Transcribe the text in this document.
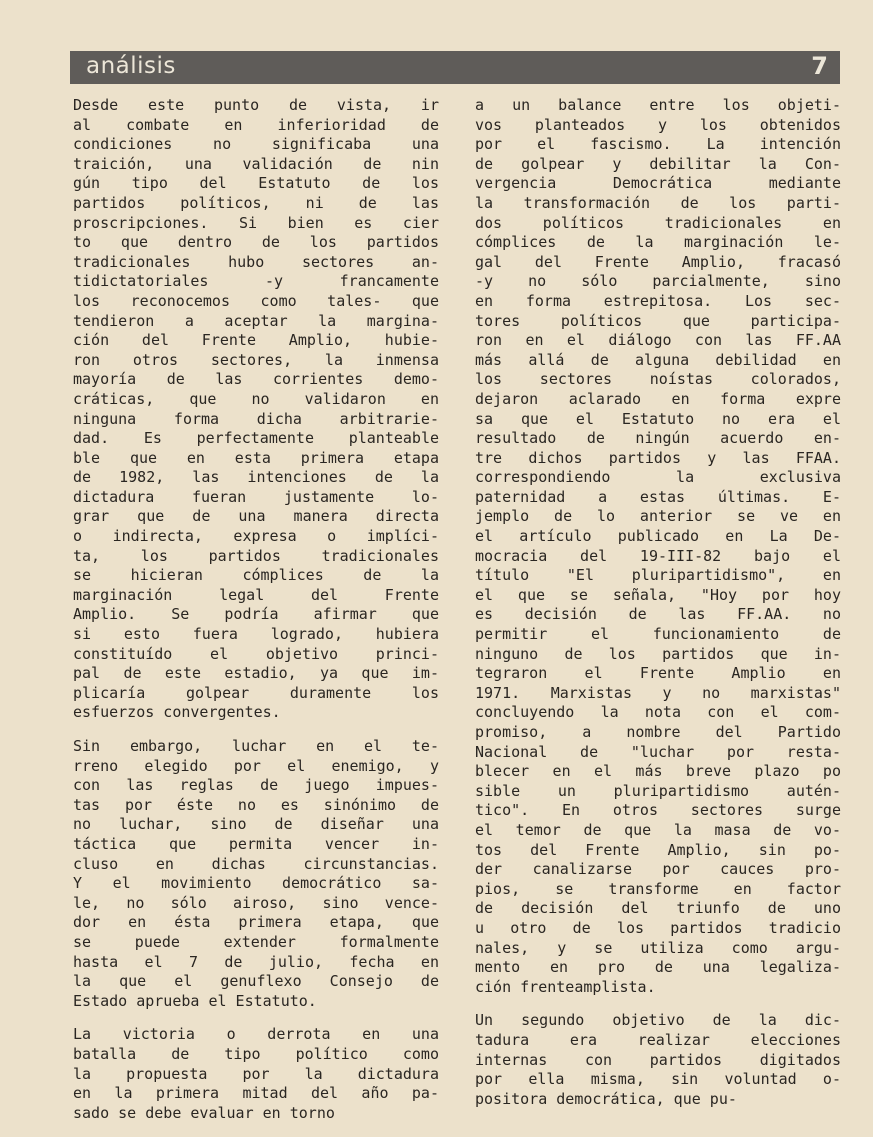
análisis	7
Desde este punto de vista, ir
al combate en inferioridad de
condiciones no significaba una
traición, una validación de nin
gún tipo del Estatuto de los
partidos políticos, ni de las
proscripciones. Si bien es cier
to que dentro de los partidos
tradicionales hubo sectores an-
tidictatoriales -y francamente
los reconocemos como tales- que
tendieron a aceptar la margina-
ción del Frente Amplio, hubie-
ron otros sectores, la inmensa
mayoría de las corrientes demo-
cráticas, que no validaron en
ninguna forma dicha arbitrarie-
dad. Es perfectamente planteable
ble que en esta primera etapa
de 1982, las intenciones de la
dictadura fueran justamente lo-
grar que de una manera directa
o indirecta, expresa o implíci-
ta, los partidos tradicionales
se hicieran cómplices de la
marginación legal del Frente
Amplio. Se podría afirmar que
si esto fuera logrado, hubiera
constituído el objetivo princi-
pal de este estadio, ya que im-
plicaría golpear duramente los
esfuerzos convergentes.
Sin embargo, luchar en el te-
rreno elegido por el enemigo, y
con las reglas de juego impues-
tas por éste no es sinónimo de
no luchar, sino de diseñar una
táctica que permita vencer in-
cluso en dichas circunstancias.
Y el movimiento democrático sa-
le, no sólo airoso, sino vence-
dor en ésta primera etapa, que
se puede extender formalmente
hasta el 7 de julio, fecha en
la que el genuflexo Consejo de
Estado aprueba el Estatuto.
La victoria o derrota en una
batalla de tipo político como
la propuesta por la dictadura
en la primera mitad del año pa-
sado se debe evaluar en torno
a un balance entre los objeti-
vos planteados y los obtenidos
por el fascismo. La intención
de golpear y debilitar la Con-
vergencia Democrática mediante
la transformación de los parti-
dos políticos tradicionales en
cómplices de la marginación le-
gal del Frente Amplio, fracasó
-y no sólo parcialmente, sino
en forma estrepitosa. Los sec-
tores políticos que participa-
ron en el diálogo con las FF.AA
más allá de alguna debilidad en
los sectores noístas colorados,
dejaron aclarado en forma expre
sa que el Estatuto no era el
resultado de ningún acuerdo en-
tre dichos partidos y las FFAA.
correspondiendo la exclusiva
paternidad a estas últimas. E-
jemplo de lo anterior se ve en
el artículo publicado en La De-
mocracia del 19-III-82 bajo el
título "El pluripartidismo", en
el que se señala, "Hoy por hoy
es decisión de las FF.AA. no
permitir el funcionamiento de
ninguno de los partidos que in-
tegraron el Frente Amplio en
1971. Marxistas y no marxistas"
concluyendo la nota con el com-
promiso, a nombre del Partido
Nacional de "luchar por resta-
blecer en el más breve plazo po
sible un pluripartidismo autén-
tico". En otros sectores surge
el temor de que la masa de vo-
tos del Frente Amplio, sin po-
der canalizarse por cauces pro-
pios, se transforme en factor
de decisión del triunfo de uno
u otro de los partidos tradicio
nales, y se utiliza como argu-
mento en pro de una legaliza-
ción frenteamplista.
Un segundo objetivo de la dic-
tadura era realizar elecciones
internas con partidos digitados
por ella misma, sin voluntad o-
positora democrática, que pu-
